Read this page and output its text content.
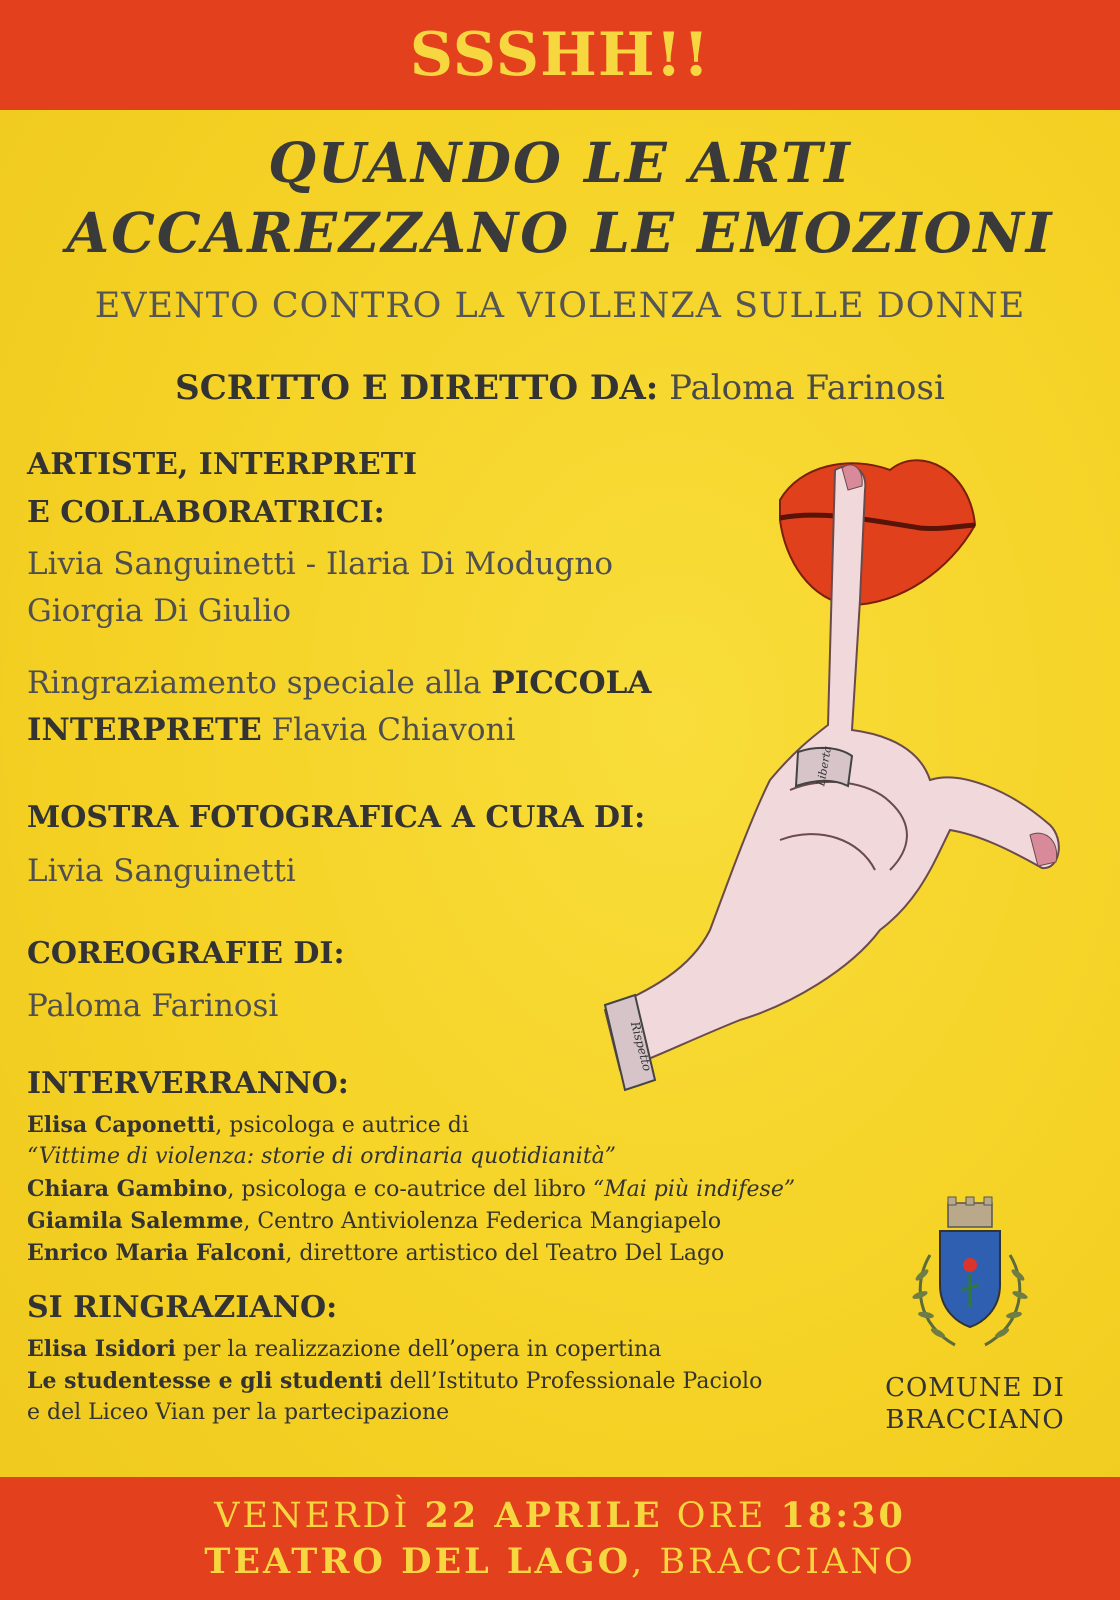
SSSHH!!
QUANDO LE ARTI
ACCAREZZANO LE EMOZIONI
EVENTO CONTRO LA VIOLENZA SULLE DONNE
SCRITTO E DIRETTO DA: Paloma Farinosi
Libertà
Rispetto
ARTISTE, INTERPRETI
E COLLABORATRICI:
Livia Sanguinetti - Ilaria Di Modugno
Giorgia Di Giulio
Ringraziamento speciale alla PICCOLA
INTERPRETE Flavia Chiavoni
MOSTRA FOTOGRAFICA A CURA DI:
Livia Sanguinetti
COREOGRAFIE DI:
Paloma Farinosi
INTERVERRANNO:
Elisa Caponetti, psicologa e autrice di
“Vittime di violenza: storie di ordinaria quotidianità”
Chiara Gambino, psicologa e co-autrice del libro “Mai più indifese”
Giamila Salemme, Centro Antiviolenza Federica Mangiapelo
Enrico Maria Falconi, direttore artistico del Teatro Del Lago
SI RINGRAZIANO:
Elisa Isidori per la realizzazione dell’opera in copertina
Le studentesse e gli studenti dell’Istituto Professionale Paciolo
e del Liceo Vian per la partecipazione
COMUNE DI
BRACCIANO
VENERDÌ 22 APRILE ORE 18:30
TEATRO DEL LAGO, BRACCIANO
